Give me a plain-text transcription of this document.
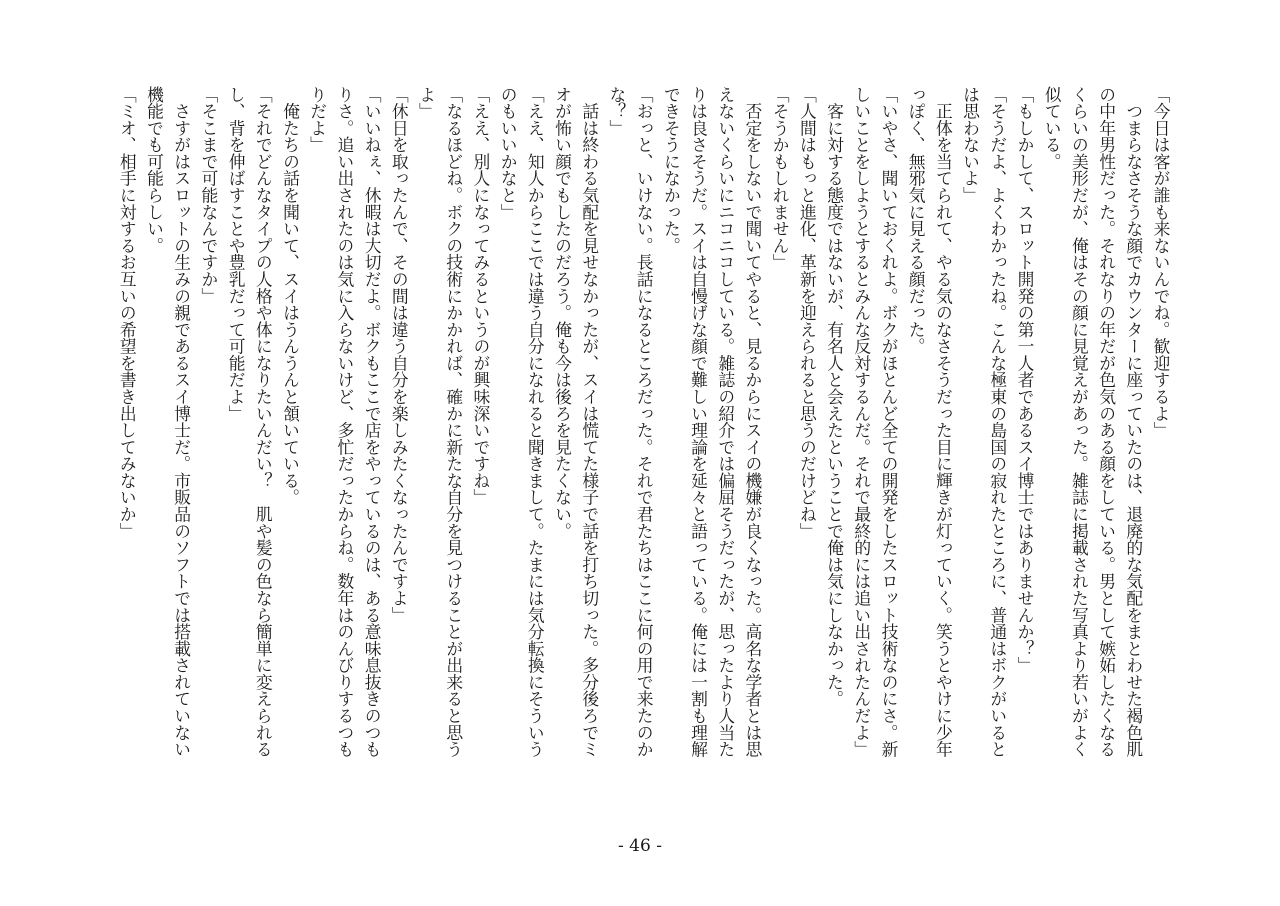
「今日は客が誰も来ないんでね。歓迎するよ」
　つまらなさそうな顔でカウンターに座っていたのは、退廃的な気配をまとわせた褐色肌
の中年男性だった。それなりの年だが色気のある顔をしている。男として嫉妬したくなる
くらいの美形だが、俺はその顔に見覚えがあった。雑誌に掲載された写真より若いがよく
似ている。
「もしかして、スロット開発の第一人者であるスイ博士ではありませんか？」
「そうだよ、よくわかったね。こんな極東の島国の寂れたところに、普通はボクがいると
は思わないよ」
　正体を当てられて、やる気のなさそうだった目に輝きが灯っていく。笑うとやけに少年
っぽく、無邪気に見える顔だった。
「いやさ、聞いておくれよ。ボクがほとんど全ての開発をしたスロット技術なのにさ。新
しいことをしようとするとみんな反対するんだ。それで最終的には追い出されたんだよ」
　客に対する態度ではないが、有名人と会えたということで俺は気にしなかった。
「人間はもっと進化、革新を迎えられると思うのだけどね」
「そうかもしれません」
　否定をしないで聞いてやると、見るからにスイの機嫌が良くなった。高名な学者とは思
えないくらいにニコニコしている。雑誌の紹介では偏屈そうだったが、思ったより人当た
りは良さそうだ。スイは自慢げな顔で難しい理論を延々と語っている。俺には一割も理解
できそうになかった。
「おっと、いけない。長話になるところだった。それで君たちはここに何の用で来たのか
な？」
　話は終わる気配を見せなかったが、スイは慌てた様子で話を打ち切った。多分後ろでミ
オが怖い顔でもしたのだろう。俺も今は後ろを見たくない。
「ええ、知人からここでは違う自分になれると聞きまして。たまには気分転換にそういう
のもいいかなと」
「ええ、別人になってみるというのが興味深いですね」
「なるほどね。ボクの技術にかかれば、確かに新たな自分を見つけることが出来ると思う
よ」
「休日を取ったんで、その間は違う自分を楽しみたくなったんですよ」
「いいねぇ、休暇は大切だよ。ボクもここで店をやっているのは、ある意味息抜きのつも
りさ。追い出されたのは気に入らないけど、多忙だったからね。数年はのんびりするつも
りだよ」
　俺たちの話を聞いて、スイはうんうんと頷いている。
「それでどんなタイプの人格や体になりたいんだい？　肌や髪の色なら簡単に変えられる
し、背を伸ばすことや豊乳だって可能だよ」
「そこまで可能なんですか」
　さすがはスロットの生みの親であるスイ博士だ。市販品のソフトでは搭載されていない
機能でも可能らしい。
「ミオ、相手に対するお互いの希望を書き出してみないか」
- 46 -
